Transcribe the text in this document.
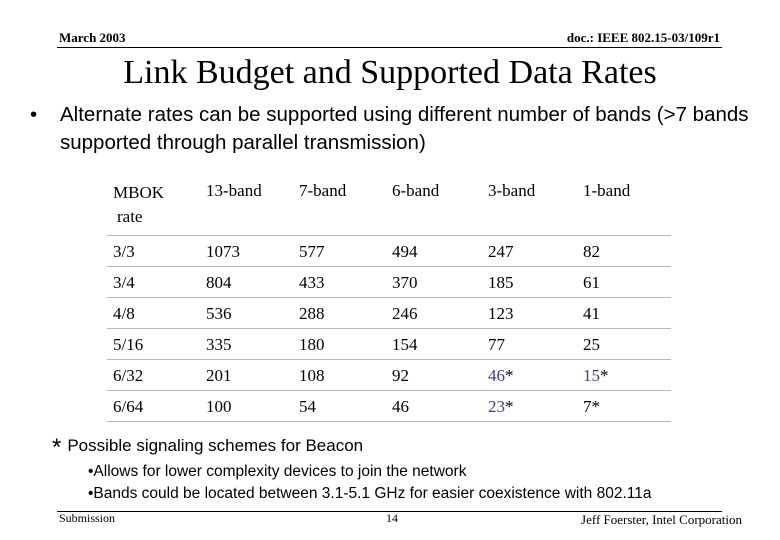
March 2003	doc.: IEEE 802.15-03/109r1
Link Budget and Supported Data Rates
• Alternate rates can be supported using different number of bands (>7 bands supported through parallel transmission)
MBOK
rate	13-band	7-band	6-band	3-band	1-band
3/3	1073	577	494	247	82
3/4	804	433	370	185	61
4/8	536	288	246	123	41
5/16	335	180	154	77	25
6/32	201	108	92	46*	15*
6/64	100	54	46	23*	7*
* Possible signaling schemes for Beacon
•Allows for lower complexity devices to join the network
•Bands could be located between 3.1-5.1 GHz for easier coexistence with 802.11a
Submission	14	Jeff Foerster, Intel Corporation
